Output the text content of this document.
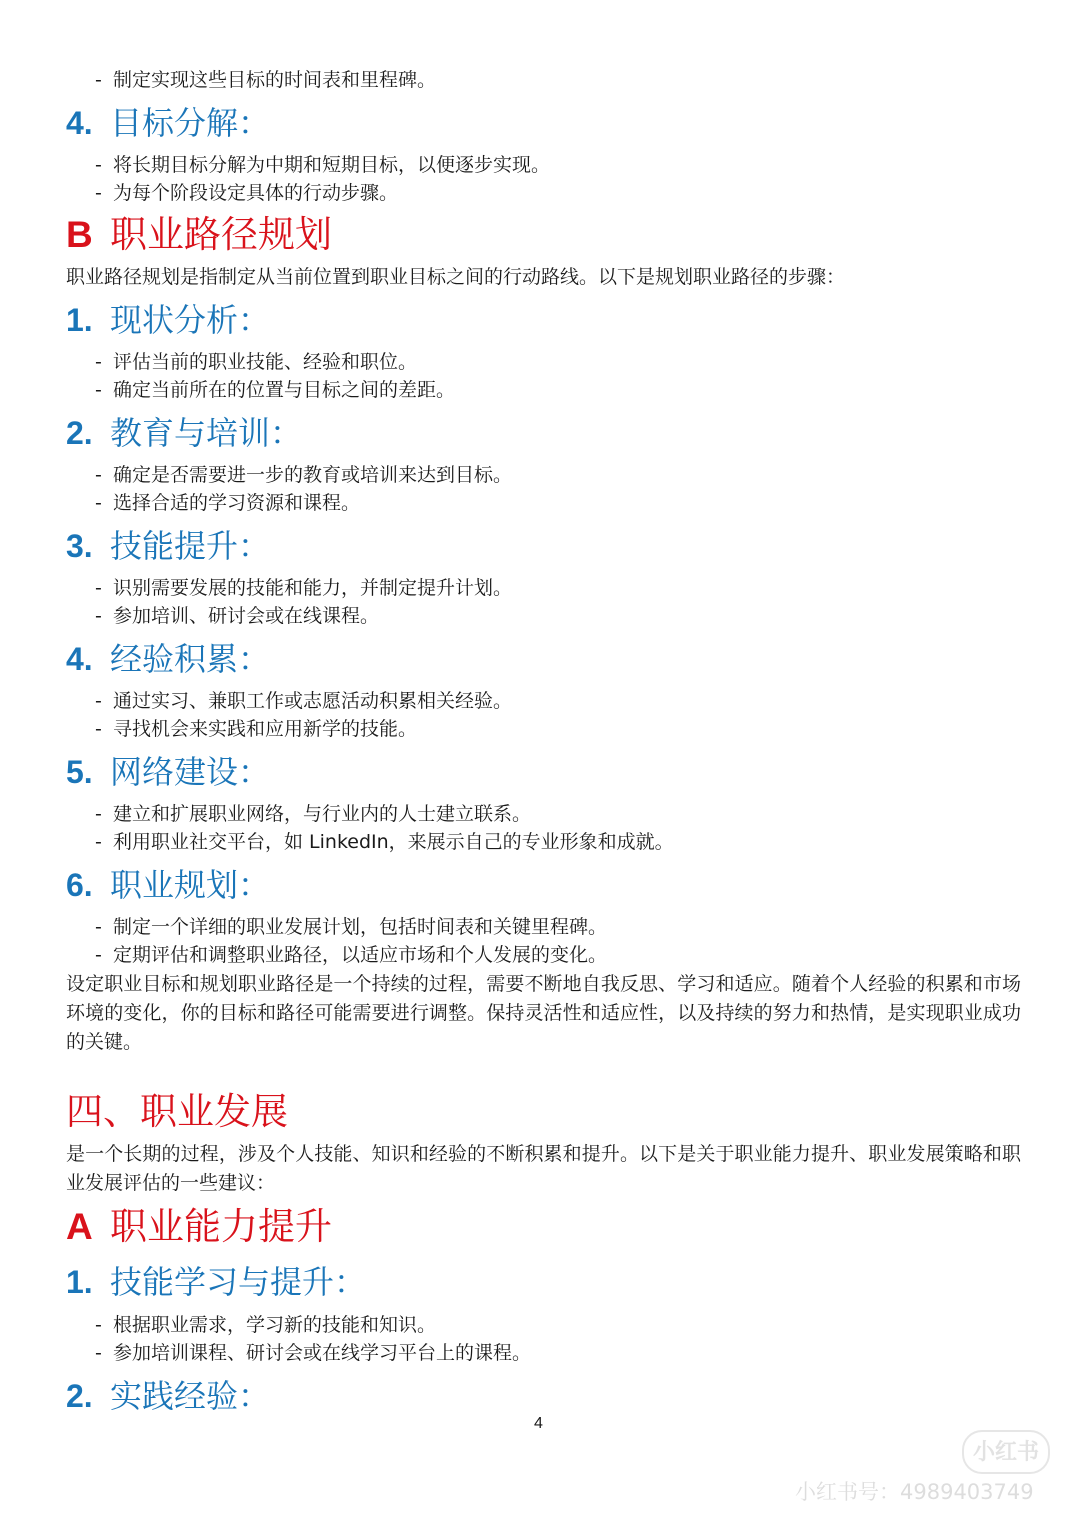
- 制定实现这些目标的时间表和里程碑。
4. 目标分解：
- 将长期目标分解为中期和短期目标，以便逐步实现。
- 为每个阶段设定具体的行动步骤。
B 职业路径规划
职业路径规划是指制定从当前位置到职业目标之间的行动路线。以下是规划职业路径的步骤：
1. 现状分析：
- 评估当前的职业技能、经验和职位。
- 确定当前所在的位置与目标之间的差距。
2. 教育与培训：
- 确定是否需要进一步的教育或培训来达到目标。
- 选择合适的学习资源和课程。
3. 技能提升：
- 识别需要发展的技能和能力，并制定提升计划。
- 参加培训、研讨会或在线课程。
4. 经验积累：
- 通过实习、兼职工作或志愿活动积累相关经验。
- 寻找机会来实践和应用新学的技能。
5. 网络建设：
- 建立和扩展职业网络，与行业内的人士建立联系。
- 利用职业社交平台，如 LinkedIn，来展示自己的专业形象和成就。
6. 职业规划：
- 制定一个详细的职业发展计划，包括时间表和关键里程碑。
- 定期评估和调整职业路径，以适应市场和个人发展的变化。
设定职业目标和规划职业路径是一个持续的过程，需要不断地自我反思、学习和适应。随着个人经验的积累和市场环境的变化，你的目标和路径可能需要进行调整。保持灵活性和适应性，以及持续的努力和热情，是实现职业成功的关键。
四、职业发展
是一个长期的过程，涉及个人技能、知识和经验的不断积累和提升。以下是关于职业能力提升、职业发展策略和职业发展评估的一些建议：
A 职业能力提升
1. 技能学习与提升：
- 根据职业需求，学习新的技能和知识。
- 参加培训课程、研讨会或在线学习平台上的课程。
2. 实践经验：
4
小红书
小红书号：4989403749
